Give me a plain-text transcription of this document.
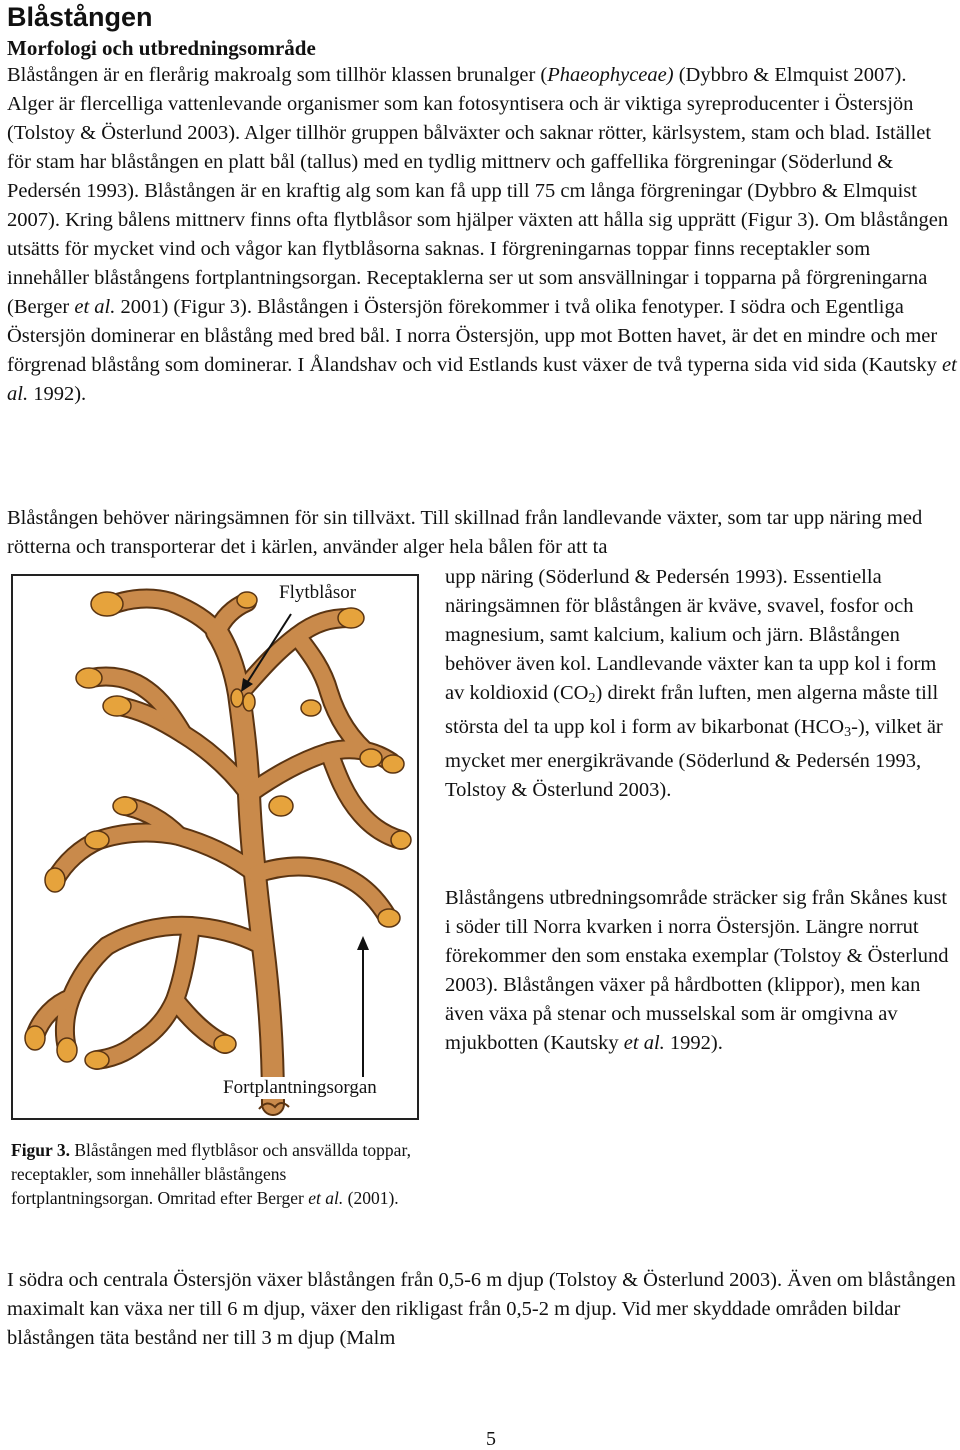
Blåstången
Morfologi och utbredningsområde

Blåstången är en flerårig makroalg som tillhör klassen brunalger (Phaeophyceae) (Dybbro & Elmquist 2007). Alger är flercelliga vattenlevande organismer som kan fotosyntisera och är viktiga syreproducenter i Östersjön (Tolstoy & Österlund 2003). Alger tillhör gruppen bålväxter och saknar rötter, kärlsystem, stam och blad. Istället för stam har blåstången en platt bål (tallus) med en tydlig mittnerv och gaffellika förgreningar (Söderlund & Pedersén 1993). Blåstången är en kraftig alg som kan få upp till 75 cm långa förgreningar (Dybbro & Elmquist 2007). Kring bålens mittnerv finns ofta flytblåsor som hjälper växten att hålla sig upprätt (Figur 3). Om blåstången utsätts för mycket vind och vågor kan flytblåsorna saknas. I förgreningarnas toppar finns receptakler som innehåller blåstångens fortplantningsorgan. Receptaklerna ser ut som ansvällningar i topparna på förgreningarna (Berger et al. 2001) (Figur 3). Blåstången i Östersjön förekommer i två olika fenotyper. I södra och Egentliga Östersjön dominerar en blåstång med bred bål. I norra Östersjön, upp mot Botten havet, är det en mindre och mer förgrenad blåstång som dominerar. I Ålandshav och vid Estlands kust växer de två typerna sida vid sida (Kautsky et al. 1992).

Blåstången behöver näringsämnen för sin tillväxt. Till skillnad från landlevande växter, som tar upp näring med rötterna och transporterar det i kärlen, använder alger hela bålen för att ta

Flytblåsor
Fortplantningsorgan

upp näring (Söderlund & Pedersén 1993). Essentiella näringsämnen för blåstången är kväve, svavel, fosfor och magnesium, samt kalcium, kalium och järn. Blåstången behöver även kol. Landlevande växter kan ta upp kol i form av koldioxid $(CO_2)$ direkt från luften, men algerna måste till största del ta upp kol i form av bikarbonat $(HCO_3-)$, vilket är mycket mer energikrävande (Söderlund & Pedersén 1993, Tolstoy & Österlund 2003).

Blåstångens utbredningsområde sträcker sig från Skånes kust i söder till Norra kvarken i norra Östersjön. Längre norrut förekommer den som enstaka exemplar (Tolstoy & Österlund 2003). Blåstången växer på hårdbotten (klippor), men kan även växa på stenar och musselskal som är omgivna av mjukbotten (Kautsky et al. 1992).

Figur 3. Blåstången med flytblåsor och ansvällda toppar, receptakler, som innehåller blåstångens fortplantningsorgan. Omritad efter Berger et al. (2001).

I södra och centrala Östersjön växer blåstången från 0,5-6 m djup (Tolstoy & Österlund 2003). Även om blåstången maximalt kan växa ner till 6 m djup, växer den rikligast från 0,5-2 m djup. Vid mer skyddade områden bildar blåstången täta bestånd ner till 3 m djup (Malm

5
